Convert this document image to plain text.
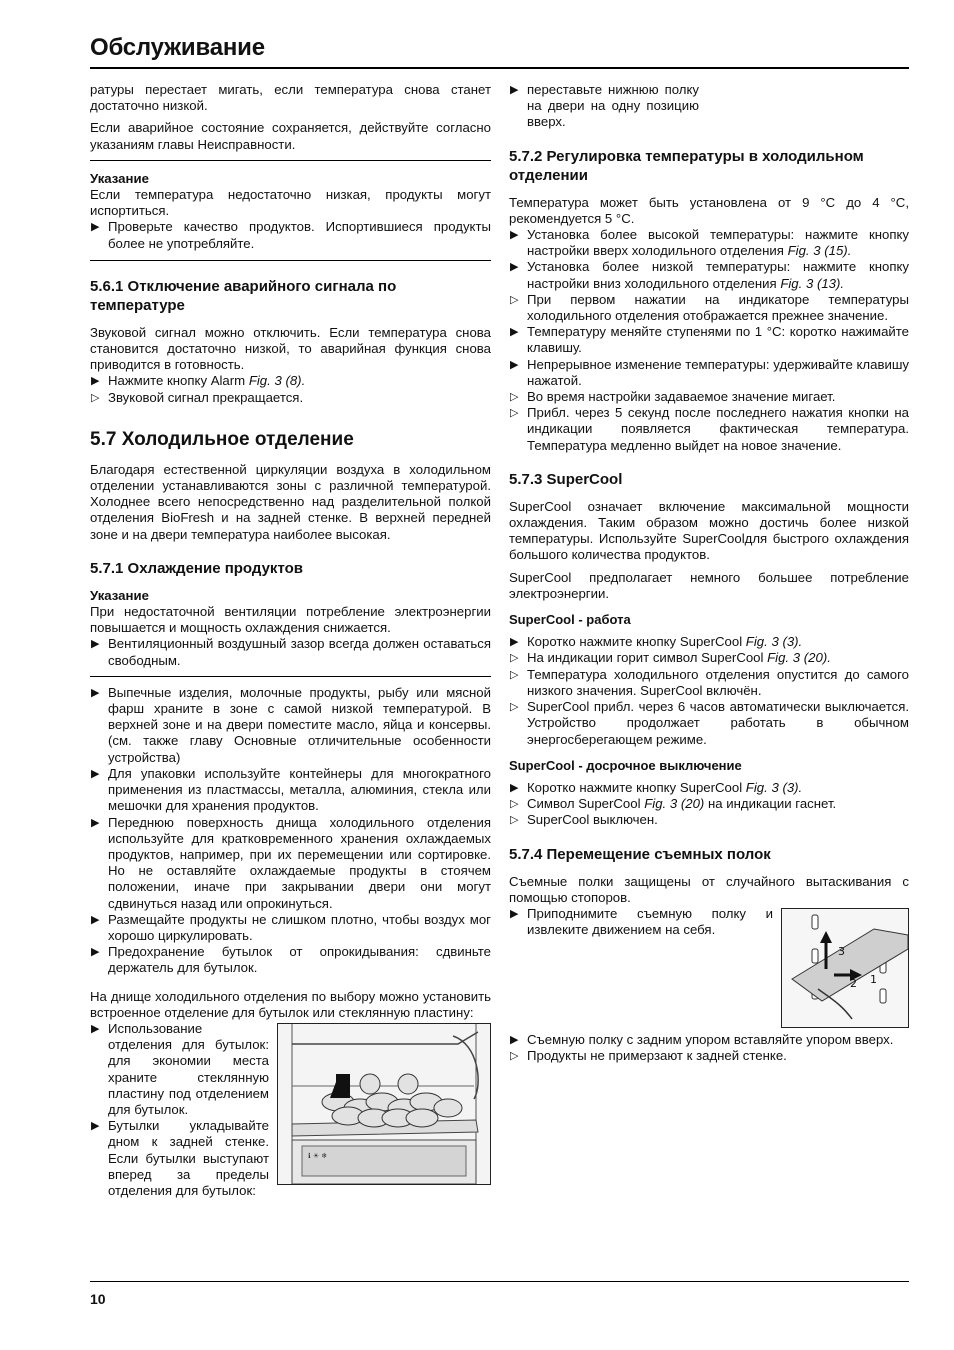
Обслуживание

ратуры перестает мигать, если температура снова станет достаточно низкой.

Если аварийное состояние сохраняется, действуйте согласно указаниям главы Неисправности.

Указание

Если температура недостаточно низкая, продукты могут испортиться.

▶ Проверьте качество продуктов. Испортившиеся продукты более не употребляйте.
5.6.1 Отключение аварийного сигнала по температуре

Звуковой сигнал можно отключить. Если температура снова становится достаточно низкой, то аварийная функция снова приводится в готовность.

▶ Нажмите кнопку Alarm Fig. 3 (8).
▷ Звуковой сигнал прекращается.
5.7 Холодильное отделение

Благодаря естественной циркуляции воздуха в холодильном отделении устанавливаются зоны с различной температурой. Холоднее всего непосредственно над разделительной полкой отделения BioFresh и на задней стенке. В верхней передней зоне и на двери температура наиболее высокая.

5.7.1 Охлаждение продуктов
Указание

При недостаточной вентиляции потребление электроэнергии повышается и мощность охлаждения снижается.

▶ Вентиляционный воздушный зазор всегда должен оставаться свободным.
▶ Выпечные изделия, молочные продукты, рыбу или мясной фарш храните в зоне с самой низкой температурой. В верхней зоне и на двери поместите масло, яйца и консервы. (см. также главу Основные отличительные особенности устройства)
▶ Для упаковки используйте контейнеры для многократного применения из пластмассы, металла, алюминия, стекла или мешочки для хранения продуктов.
▶ Переднюю поверхность днища холодильного отделения используйте для кратковременного хранения охлаждаемых продуктов, например, при их перемещении или сортировке. Но не оставляйте охлаждаемые продукты в стоячем положении, иначе при закрывании двери они могут сдвинуться назад или опрокинуться.
▶ Размещайте продукты не слишком плотно, чтобы воздух мог хорошо циркулировать.
▶ Предохранение бутылок от опрокидывания: сдвиньте держатель для бутылок.

На днище холодильного отделения по выбору можно установить встроенное отделение для бутылок или стеклянную пластину:

ℹ ☀ ❄
▶ Использование отделения для бутылок: для экономии места храните стеклянную пластину под отделением для бутылок.
▶ Бутылки укладывайте дном к задней стенке. Если бутылки выступают вперед за пределы отделения для бутылок:
▶ переставьте нижнюю полку на двери на одну позицию вверх.
5.7.2 Регулировка температуры в холодильном отделении

Температура может быть установлена от 9 °С до 4 °С, рекомендуется 5 °С.

▶ Установка более высокой температуры: нажмите кнопку настройки вверх холодильного отделения Fig. 3 (15).
▶ Установка более низкой температуры: нажмите кнопку настройки вниз холодильного отделения Fig. 3 (13).
▷ При первом нажатии на индикаторе температуры холодильного отделения отображается прежнее значение.
▶ Температуру меняйте ступенями по 1 °С: коротко нажимайте клавишу.
▶ Непрерывное изменение температуры: удерживайте клавишу нажатой.
▷ Во время настройки задаваемое значение мигает.
▷ Прибл. через 5 секунд после последнего нажатия кнопки на индикации появляется фактическая температура. Температура медленно выйдет на новое значение.
5.7.3 SuperCool

SuperCool означает включение максимальной мощности охлаждения. Таким образом можно достичь более низкой температуры. Используйте SuperCoolдля быстрого охлаждения большого количества продуктов.

SuperCool предполагает немного большее потребление электроэнергии.

SuperCool - работа
▶ Коротко нажмите кнопку SuperCool Fig. 3 (3).
▷ На индикации горит символ SuperCool Fig. 3 (20).
▷ Температура холодильного отделения опустится до самого низкого значения. SuperCool включён.
▷ SuperCool прибл. через 6 часов автоматически выключается. Устройство продолжает работать в обычном энергосберегающем режиме.
SuperCool - досрочное выключение
▶ Коротко нажмите кнопку SuperCool Fig. 3 (3).
▷ Символ SuperCool Fig. 3 (20) на индикации гаснет.
▷ SuperCool выключен.
5.7.4 Перемещение съемных полок

Съемные полки защищены от случайного вытаскивания с помощью стопоров.

3
2 1
▶ Приподнимите съемную полку и извлеките движением на себя.
▶ Съемную полку с задним упором вставляйте упором вверх.
▷ Продукты не примерзают к задней стенке.
10
